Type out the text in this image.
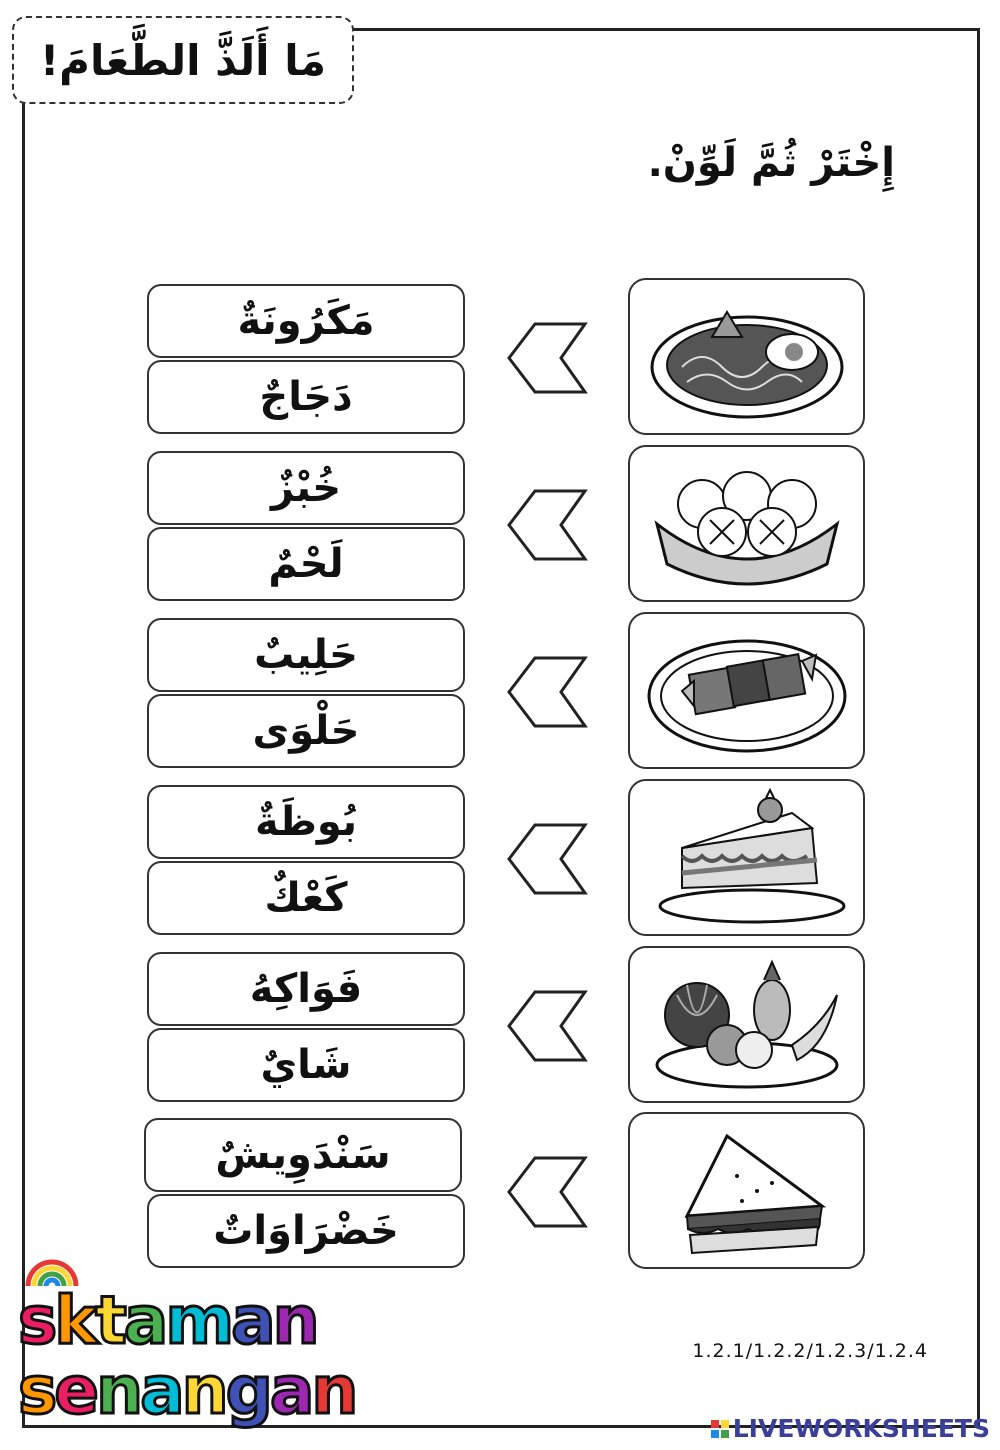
مَا أَلَذَّ الطَّعَامَ!
إِخْتَرْ ثُمَّ لَوِّنْ.
مَكَرُونَةٌ
دَجَاجٌ
خُبْزٌ
لَحْمٌ
حَلِيبٌ
حَلْوَى
بُوظَةٌ
كَعْكٌ
فَوَاكِهُ
شَايٌ
سَنْدَوِيشٌ
خَضْرَاوَاتٌ
sktaman
senangan
1.2.1/1.2.2/1.2.3/1.2.4
LIVEWORKSHEETS
